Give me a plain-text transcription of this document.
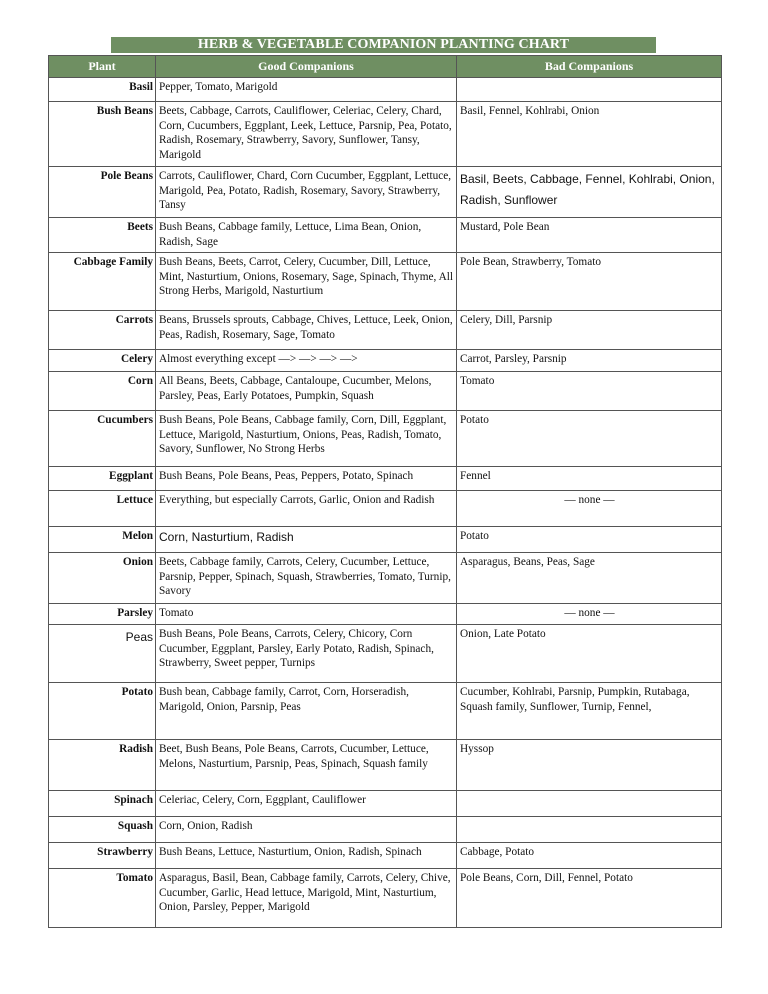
HERB & VEGETABLE COMPANION PLANTING CHART
Plant	Good Companions	Bad Companions
Basil	Pepper, Tomato, Marigold	
Bush Beans	Beets, Cabbage, Carrots, Cauliflower, Celeriac, Celery, Chard, Corn, Cucumbers, Eggplant, Leek, Lettuce, Parsnip, Pea, Potato, Radish, Rosemary, Strawberry, Savory, Sunflower, Tansy, Marigold	Basil, Fennel, Kohlrabi, Onion
Pole Beans	Carrots, Cauliflower, Chard, Corn Cucumber, Eggplant, Lettuce, Marigold, Pea, Potato, Radish, Rosemary, Savory, Strawberry, Tansy	Basil, Beets, Cabbage, Fennel, Kohlrabi, Onion, Radish, Sunflower
Beets	Bush Beans, Cabbage family, Lettuce, Lima Bean, Onion, Radish, Sage	Mustard, Pole Bean
Cabbage Family	Bush Beans, Beets, Carrot, Celery, Cucumber, Dill, Lettuce, Mint, Nasturtium, Onions, Rosemary, Sage, Spinach, Thyme, All Strong Herbs, Marigold, Nasturtium	Pole Bean, Strawberry, Tomato
Carrots	Beans, Brussels sprouts, Cabbage, Chives, Lettuce, Leek, Onion, Peas, Radish, Rosemary, Sage, Tomato	Celery, Dill, Parsnip
Celery	Almost everything except —> —> —> —>	Carrot, Parsley, Parsnip
Corn	All Beans, Beets, Cabbage, Cantaloupe, Cucumber, Melons, Parsley, Peas, Early Potatoes, Pumpkin, Squash	Tomato
Cucumbers	Bush Beans, Pole Beans, Cabbage family, Corn, Dill, Eggplant, Lettuce, Marigold, Nasturtium, Onions, Peas, Radish, Tomato, Savory, Sunflower, No Strong Herbs	Potato
Eggplant	Bush Beans, Pole Beans, Peas, Peppers, Potato, Spinach	Fennel
Lettuce	Everything, but especially Carrots, Garlic, Onion and Radish	— none —
Melon	Corn, Nasturtium, Radish	Potato
Onion	Beets, Cabbage family, Carrots, Celery, Cucumber, Lettuce, Parsnip, Pepper, Spinach, Squash, Strawberries, Tomato, Turnip, Savory	Asparagus, Beans, Peas, Sage
Parsley	Tomato	— none —
Peas	Bush Beans, Pole Beans, Carrots, Celery, Chicory, Corn Cucumber, Eggplant, Parsley, Early Potato, Radish, Spinach, Strawberry, Sweet pepper, Turnips	Onion, Late Potato
Potato	Bush bean, Cabbage family, Carrot, Corn, Horseradish, Marigold, Onion, Parsnip, Peas	Cucumber, Kohlrabi, Parsnip, Pumpkin, Rutabaga, Squash family, Sunflower, Turnip, Fennel,
Radish	Beet, Bush Beans, Pole Beans, Carrots, Cucumber, Lettuce, Melons, Nasturtium, Parsnip, Peas, Spinach, Squash family	Hyssop
Spinach	Celeriac, Celery, Corn, Eggplant, Cauliflower	
Squash	Corn, Onion, Radish	
Strawberry	Bush Beans, Lettuce, Nasturtium, Onion, Radish, Spinach	Cabbage, Potato
Tomato	Asparagus, Basil, Bean, Cabbage family, Carrots, Celery, Chive, Cucumber, Garlic, Head lettuce, Marigold, Mint, Nasturtium, Onion, Parsley, Pepper, Marigold	Pole Beans, Corn, Dill, Fennel, Potato
